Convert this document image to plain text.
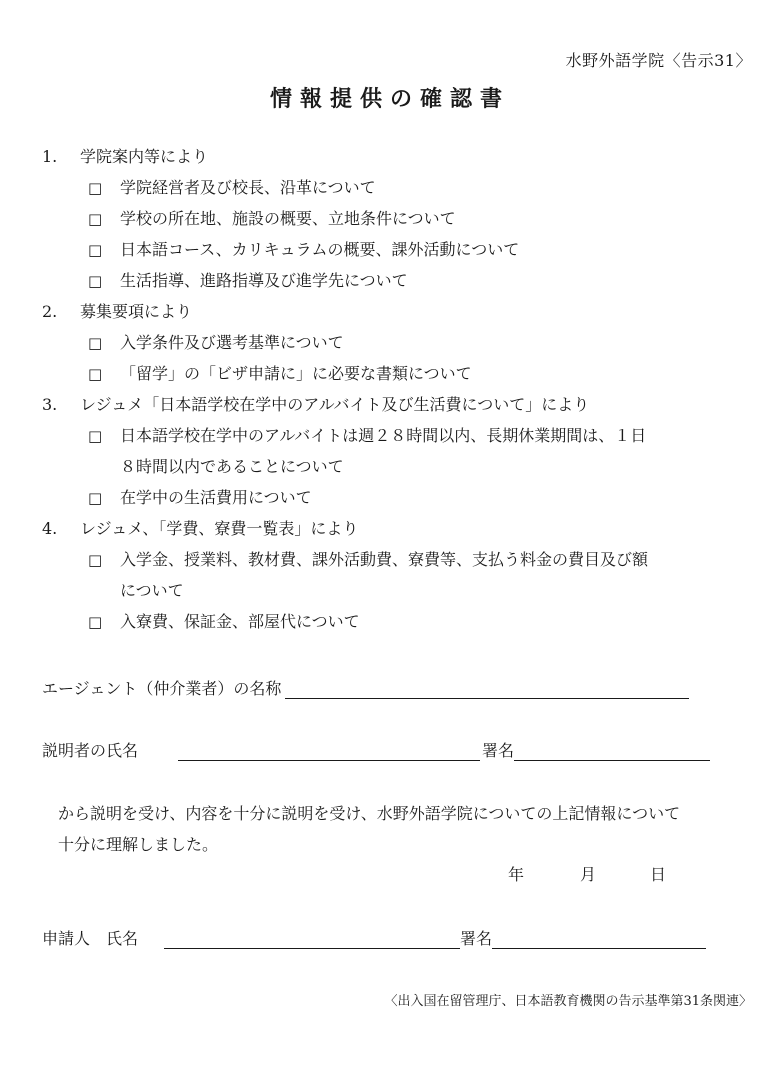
水野外語学院〈告示31〉
情報提供の確認書
1.	学院案内等により
□	学院経営者及び校長、沿革について
□	学校の所在地、施設の概要、立地条件について
□	日本語コース、カリキュラムの概要、課外活動について
□	生活指導、進路指導及び進学先について
2.	募集要項により
□	入学条件及び選考基準について
□	「留学」の「ビザ申請に」に必要な書類について
3.	レジュメ「日本語学校在学中のアルバイト及び生活費について」により
□	日本語学校在学中のアルバイトは週２８時間以内、長期休業期間は、１日
８時間以内であることについて
□	在学中の生活費用について
4.	レジュメ、「学費、寮費一覧表」により
□	入学金、授業料、教材費、課外活動費、寮費等、支払う料金の費目及び額
について
□	入寮費、保証金、部屋代について
エージェント（仲介業者）の名称
説明者の氏名	署名
から説明を受け、内容を十分に説明を受け、水野外語学院についての上記情報について
十分に理解しました。
年	月	日
申請人　氏名	署名
〈出入国在留管理庁、日本語教育機関の告示基準第31条関連〉
